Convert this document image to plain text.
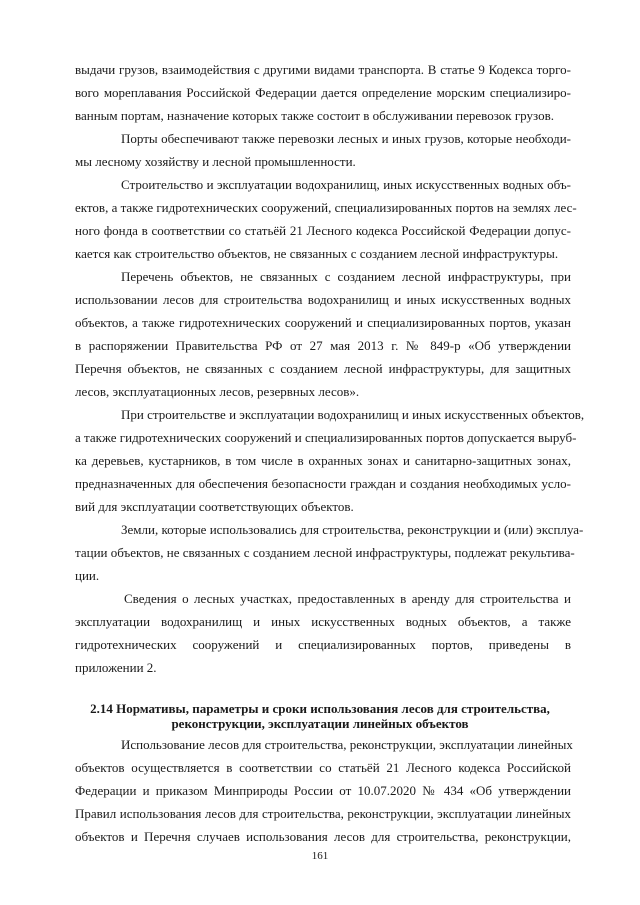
выдачи грузов, взаимодействия с другими видами транспорта. В статье 9 Кодекса торго-
вого мореплавания Российской Федерации дается определение морским специализиро-
ванным портам, назначение которых также состоит в обслуживании перевозок грузов.
Порты обеспечивают также перевозки лесных и иных грузов, которые необходи-
мы лесному хозяйству и лесной промышленности.
Строительство и эксплуатации водохранилищ, иных искусственных водных объ-
ектов, а также гидротехнических сооружений, специализированных портов на землях лес-
ного фонда в соответствии со статьёй 21 Лесного кодекса Российской Федерации допус-
кается как строительство объектов, не связанных с созданием лесной инфраструктуры.
Перечень объектов, не связанных с созданием лесной инфраструктуры, при
использовании лесов для строительства водохранилищ и иных искусственных водных
объектов, а также гидротехнических сооружений и специализированных портов, указан
в распоряжении Правительства РФ от 27 мая 2013 г. № 849-р «Об утверждении
Перечня объектов, не связанных с созданием лесной инфраструктуры, для защитных
лесов, эксплуатационных лесов, резервных лесов».
При строительстве и эксплуатации водохранилищ и иных искусственных объектов,
а также гидротехнических сооружений и специализированных портов допускается выруб-
ка деревьев, кустарников, в том числе в охранных зонах и санитарно-защитных зонах,
предназначенных для обеспечения безопасности граждан и создания необходимых усло-
вий для эксплуатации соответствующих объектов.
Земли, которые использовались для строительства, реконструкции и (или) эксплуа-
тации объектов, не связанных с созданием лесной инфраструктуры, подлежат рекультива-
ции.
Сведения о лесных участках, предоставленных в аренду для строительства и
эксплуатации водохранилищ и иных искусственных водных объектов, а также
гидротехнических сооружений и специализированных портов, приведены в
приложении 2.
2.14 Нормативы, параметры и сроки использования лесов для строительства,
реконструкции, эксплуатации линейных объектов
Использование лесов для строительства, реконструкции, эксплуатации линейных
объектов осуществляется в соответствии со статьёй 21 Лесного кодекса Российской
Федерации и приказом Минприроды России от 10.07.2020 № 434 «Об утверждении
Правил использования лесов для строительства, реконструкции, эксплуатации линейных
объектов и Перечня случаев использования лесов для строительства, реконструкции,
161
